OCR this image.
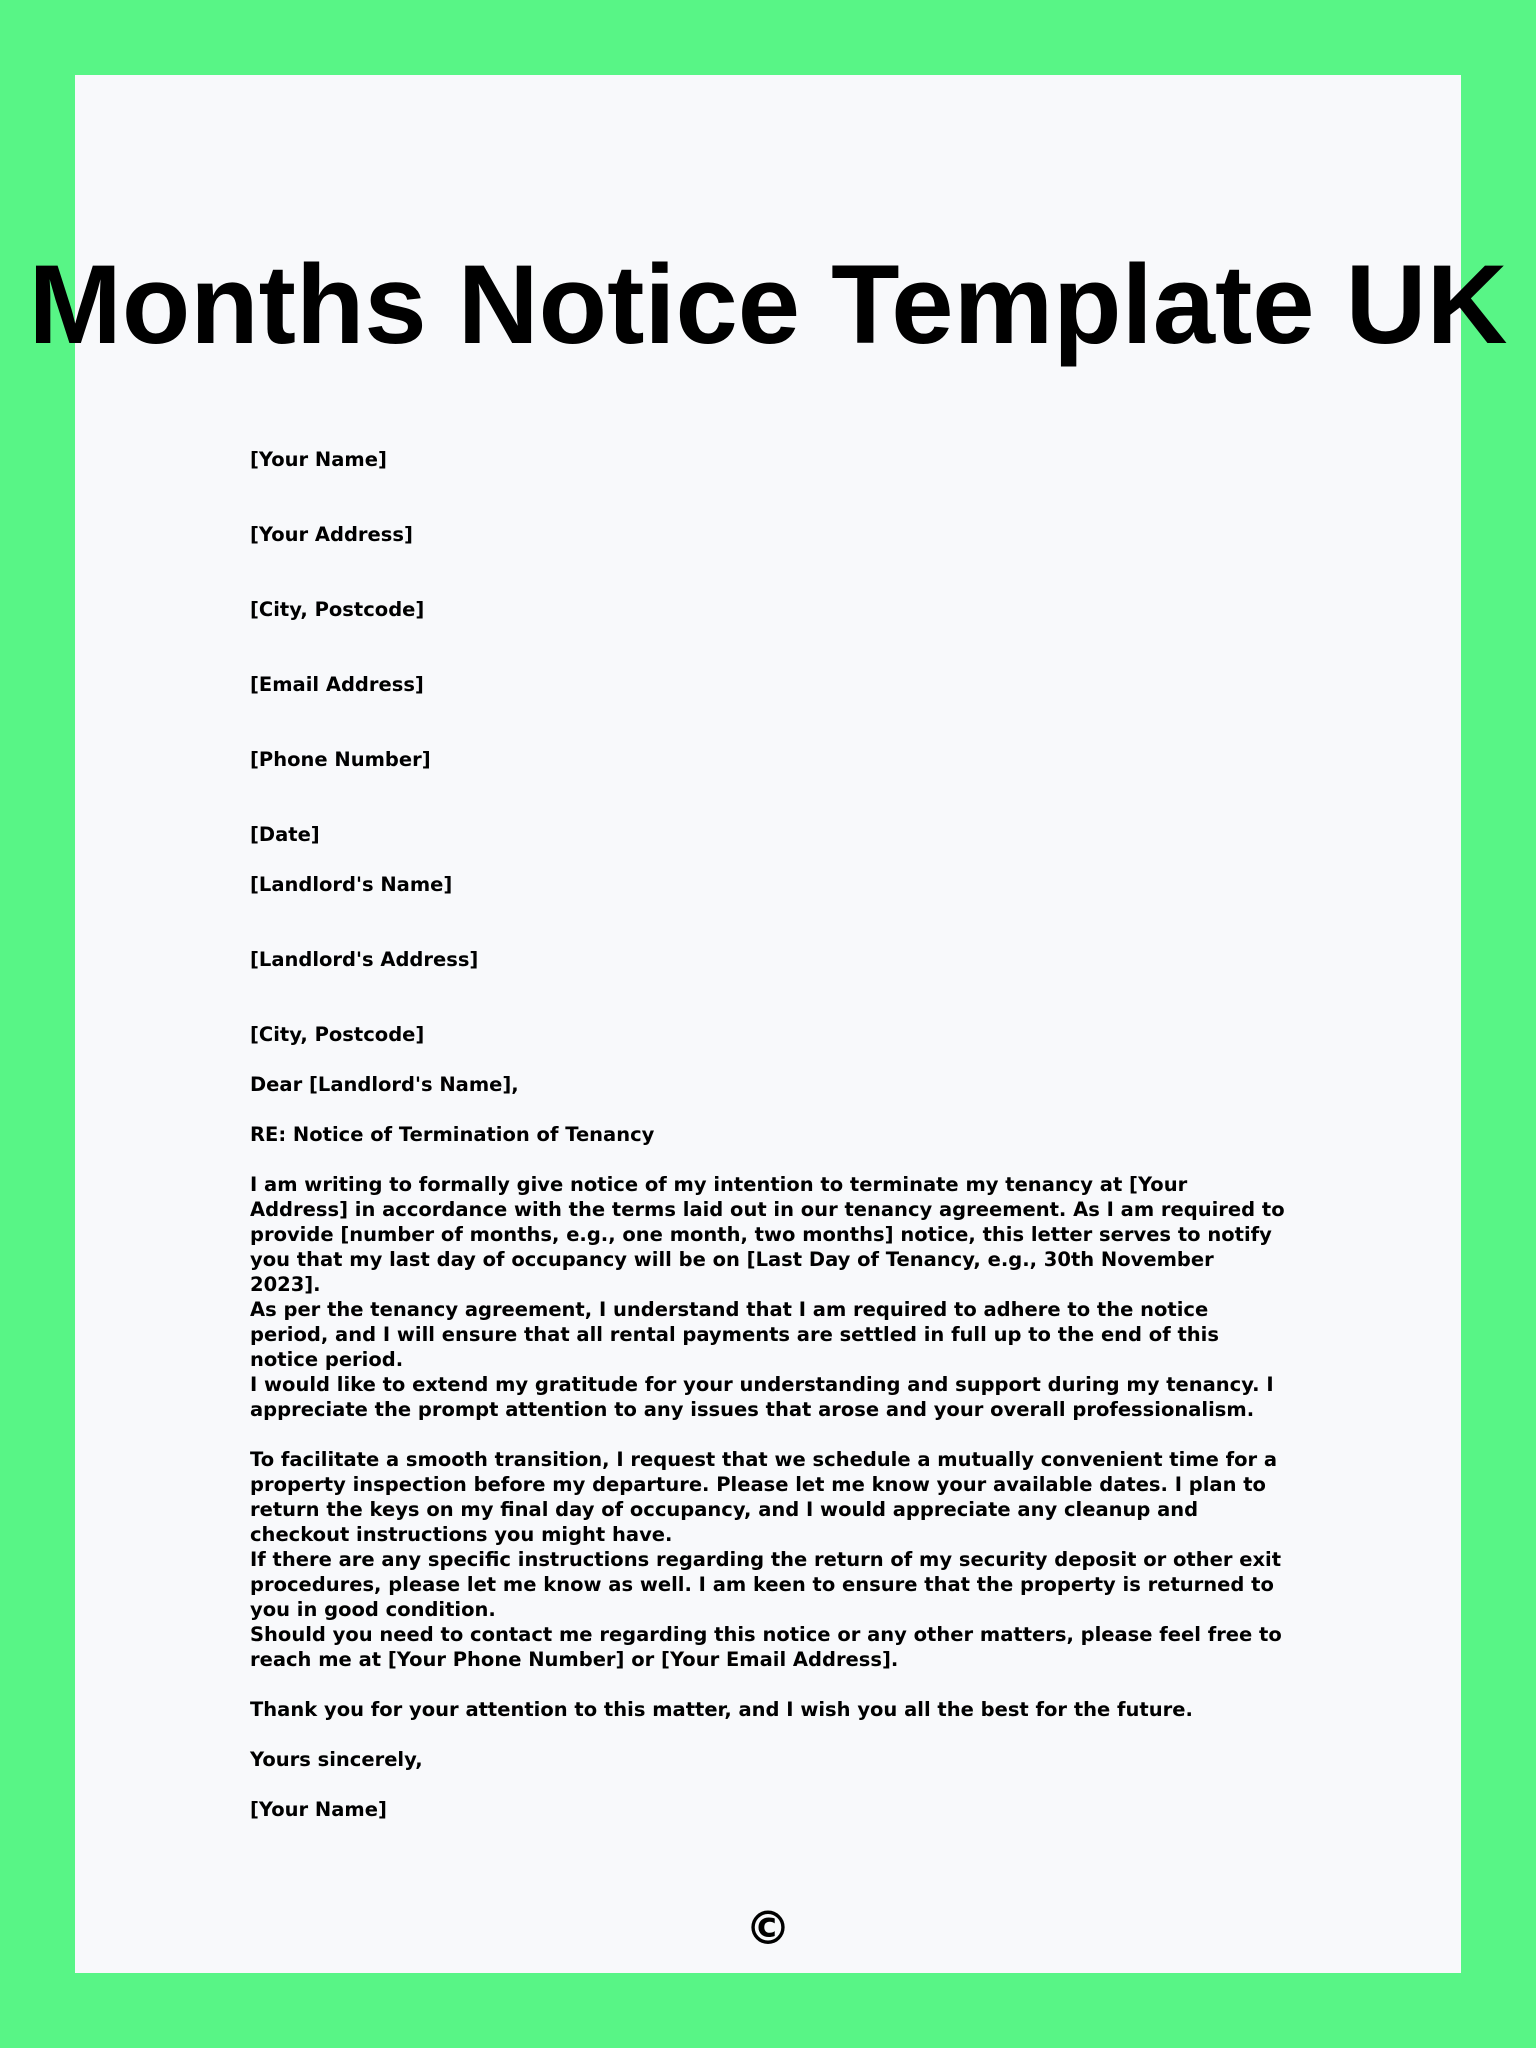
Months Notice Template UK

[Your Name]

[Your Address]

[City, Postcode]

[Email Address]

[Phone Number]

[Date]

[Landlord's Name]

[Landlord's Address]

[City, Postcode]

Dear [Landlord's Name],

RE: Notice of Termination of Tenancy

I am writing to formally give notice of my intention to terminate my tenancy at [Your Address] in accordance with the terms laid out in our tenancy agreement. As I am required to provide [number of months, e.g., one month, two months] notice, this letter serves to notify you that my last day of occupancy will be on [Last Day of Tenancy, e.g., 30th November 2023].

As per the tenancy agreement, I understand that I am required to adhere to the notice period, and I will ensure that all rental payments are settled in full up to the end of this notice period.

I would like to extend my gratitude for your understanding and support during my tenancy. I appreciate the prompt attention to any issues that arose and your overall professionalism.

To facilitate a smooth transition, I request that we schedule a mutually convenient time for a property inspection before my departure. Please let me know your available dates. I plan to return the keys on my final day of occupancy, and I would appreciate any cleanup and checkout instructions you might have.

If there are any specific instructions regarding the return of my security deposit or other exit procedures, please let me know as well. I am keen to ensure that the property is returned to you in good condition.

Should you need to contact me regarding this notice or any other matters, please feel free to reach me at [Your Phone Number] or [Your Email Address].

Thank you for your attention to this matter, and I wish you all the best for the future.

Yours sincerely,

[Your Name]

©
